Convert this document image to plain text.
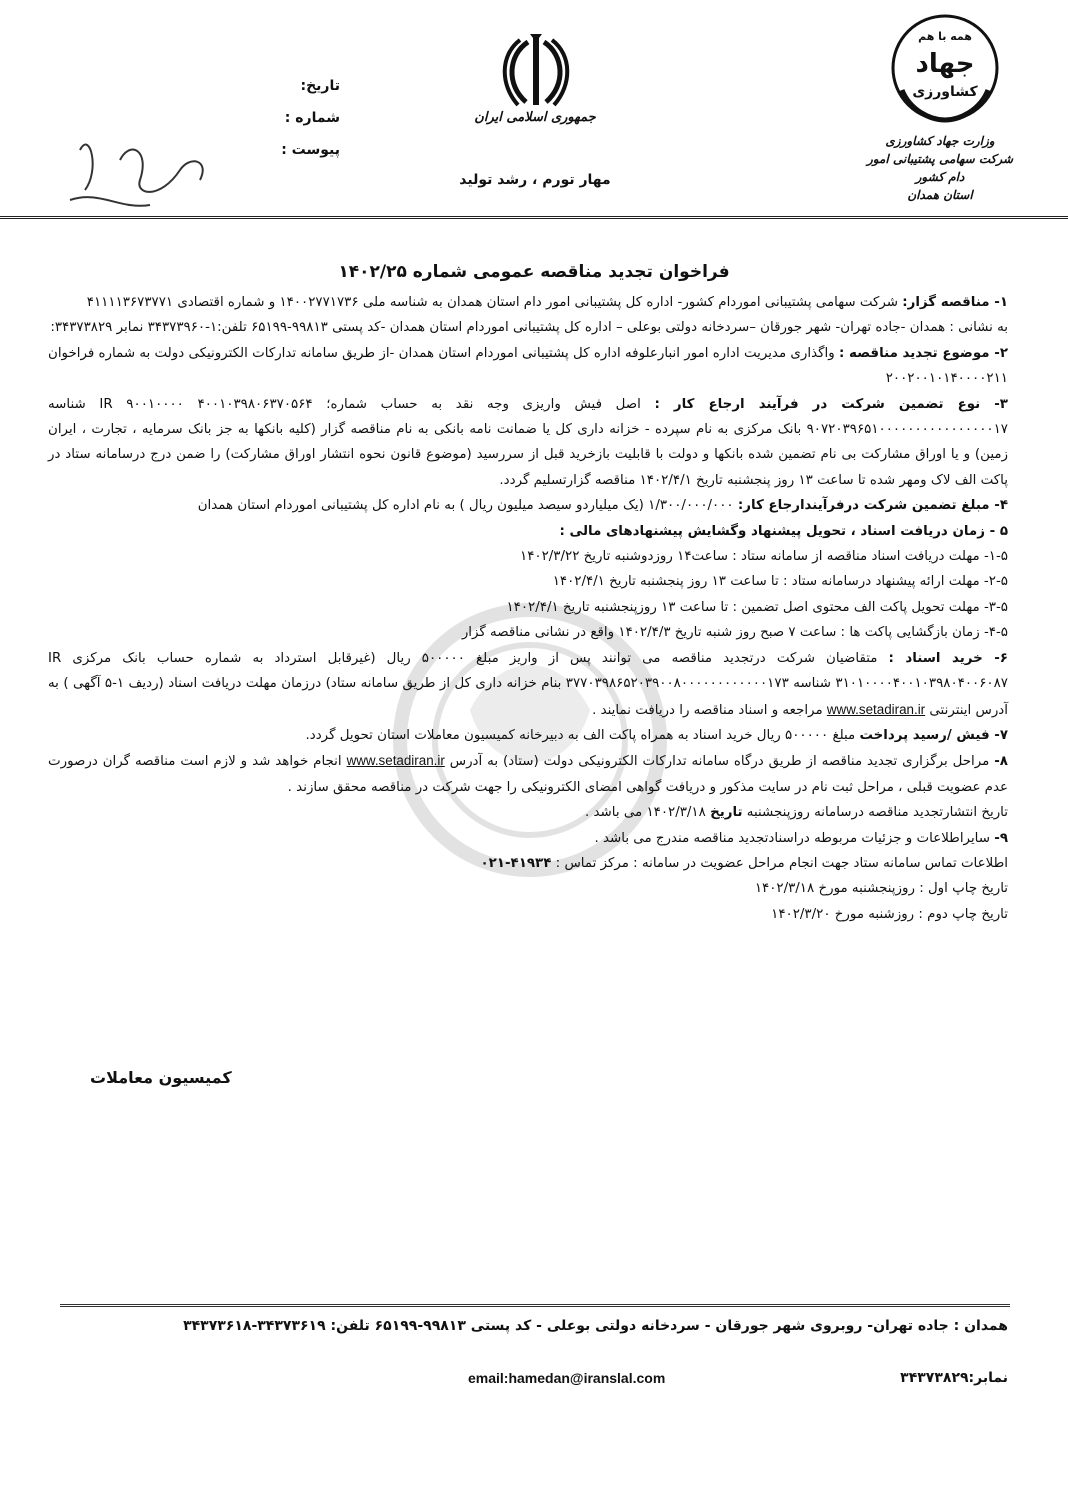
تاریخ:
شماره :
پیوست :
جمهوری اسلامی ایران
مهار تورم ، رشد تولید
همه با هم
جهاد
کشاورزی
وزارت جهاد کشاورزی
شرکت سهامی پشتیبانی امور دام کشور
استان همدان
فراخوان تجدید مناقصه عمومی شماره ۱۴۰۲/۲۵

۱- مناقصه گزار: شرکت سهامی پشتیبانی اموردام کشور- اداره کل پشتیبانی امور دام استان همدان به شناسه ملی ۱۴۰۰۲۷۷۱۷۳۶ و شماره اقتصادی ۴۱۱۱۱۳۶۷۳۷۷۱

به نشانی : همدان -جاده تهران- شهر جورقان –سردخانه دولتی بوعلی – اداره کل پشتیبانی اموردام استان همدان -کد پستی ۹۹۸۱۳-۶۵۱۹۹ تلفن:۱-۳۴۳۷۳۹۶۰ نمابر ۳۴۳۷۳۸۲۹:

۲- موضوع تجدید مناقصه : واگذاری مدیریت اداره امور انبارعلوفه اداره کل پشتیبانی اموردام استان همدان -از طریق سامانه تدارکات الکترونیکی دولت به شماره فراخوان ۲۰۰۲۰۰۱۰۱۴۰۰۰۰۲۱۱

۳- نوع تضمین شرکت در فرآیند ارجاع کار : اصل فیش واریزی وجه نقد به حساب شماره؛ ۴۰۰۱۰۳۹۸۰۶۳۷۰۵۶۴ IR ۹۰۰۱۰۰۰۰ شناسه ۹۰۷۲۰۳۹۶۵۱۰۰۰۰۰۰۰۰۰۰۰۰۰۰۰۰۱۷ بانک مرکزی به نام سپرده - خزانه داری کل یا ضمانت نامه بانکی به نام مناقصه گزار (کلیه بانکها به جز بانک سرمایه ، تجارت ، ایران زمین) و یا اوراق مشارکت بی نام تضمین شده بانکها و دولت با قابلیت بازخرید قبل از سررسید (موضوع قانون نحوه انتشار اوراق مشارکت) را ضمن درج درسامانه ستاد در پاکت الف لاک ومهر شده تا ساعت ۱۳ روز پنجشنبه تاریخ ۱۴۰۲/۴/۱ مناقصه گزارتسلیم گردد.

۴- مبلغ تضمین شرکت درفرآیندارجاع کار: ۱/۳۰۰/۰۰۰/۰۰۰ (یک میلیاردو سیصد میلیون ریال ) به نام اداره کل پشتیبانی اموردام استان همدان

۵ - زمان دریافت اسناد ، تحویل پیشنهاد وگشایش پیشنهادهای مالی :

۱-۵- مهلت دریافت اسناد مناقصه از سامانه ستاد : ساعت۱۴ روزدوشنبه تاریخ ۱۴۰۲/۳/۲۲

۲-۵- مهلت ارائه پیشنهاد درسامانه ستاد : تا ساعت ۱۳ روز پنجشنبه تاریخ ۱۴۰۲/۴/۱

۳-۵- مهلت تحویل پاکت الف محتوی اصل تضمین : تا ساعت ۱۳ روزپنجشنبه تاریخ ۱۴۰۲/۴/۱

۴-۵- زمان بازگشایی پاکت ها : ساعت ۷ صبح روز شنبه تاریخ ۱۴۰۲/۴/۳ واقع در نشانی مناقصه گزار

۶- خرید اسناد : متقاضیان شرکت درتجدید مناقصه می توانند پس از واریز مبلغ ۵۰۰۰۰۰ ریال (غیرقابل استرداد به شماره حساب بانک مرکزی IR ۳۱۰۱۰۰۰۰۴۰۰۱۰۳۹۸۰۴۰۰۶۰۸۷ شناسه ۳۷۷۰۳۹۸۶۵۲۰۳۹۰۰۸۰۰۰۰۰۰۰۰۰۰۰۰۱۷۳ بنام خزانه داری کل از طریق سامانه ستاد) درزمان مهلت دریافت اسناد (ردیف ۱-۵ آگهی ) به آدرس اینترنتی www.setadiran.ir مراجعه و اسناد مناقصه را دریافت نمایند .

۷- فیش /رسید پرداخت مبلغ ۵۰۰۰۰۰ ریال خرید اسناد به همراه پاکت الف به دبیرخانه کمیسیون معاملات استان تحویل گردد.

۸- مراحل برگزاری تجدید مناقصه از طریق درگاه سامانه تدارکات الکترونیکی دولت (ستاد) به آدرس www.setadiran.ir انجام خواهد شد و لازم است مناقصه گران درصورت عدم عضویت قبلی ، مراحل ثبت نام در سایت مذکور و دریافت گواهی امضای الکترونیکی را جهت شرکت در مناقصه محقق سازند .

تاریخ انتشارتجدید مناقصه درسامانه روزپنجشنبه تاریخ ۱۴۰۲/۳/۱۸ می باشد .

۹- سایراطلاعات و جزئیات مربوطه دراسنادتجدید مناقصه مندرج می باشد .

اطلاعات تماس سامانه ستاد جهت انجام مراحل عضویت در سامانه : مرکز تماس : ۴۱۹۳۴-۰۲۱

تاریخ چاپ اول : روزپنجشنبه مورخ ۱۴۰۲/۳/۱۸

تاریخ چاپ دوم : روزشنبه مورخ ۱۴۰۲/۳/۲۰

کمیسیون معاملات
همدان : جاده تهران- روبروی شهر جورقان - سردخانه دولتی بوعلی - کد پستی ۹۹۸۱۳-۶۵۱۹۹ تلفن: ۳۴۳۷۳۶۱۹-۳۴۳۷۳۶۱۸
نمابر:۳۴۳۷۳۸۲۹
email:hamedan@iranslal.com
